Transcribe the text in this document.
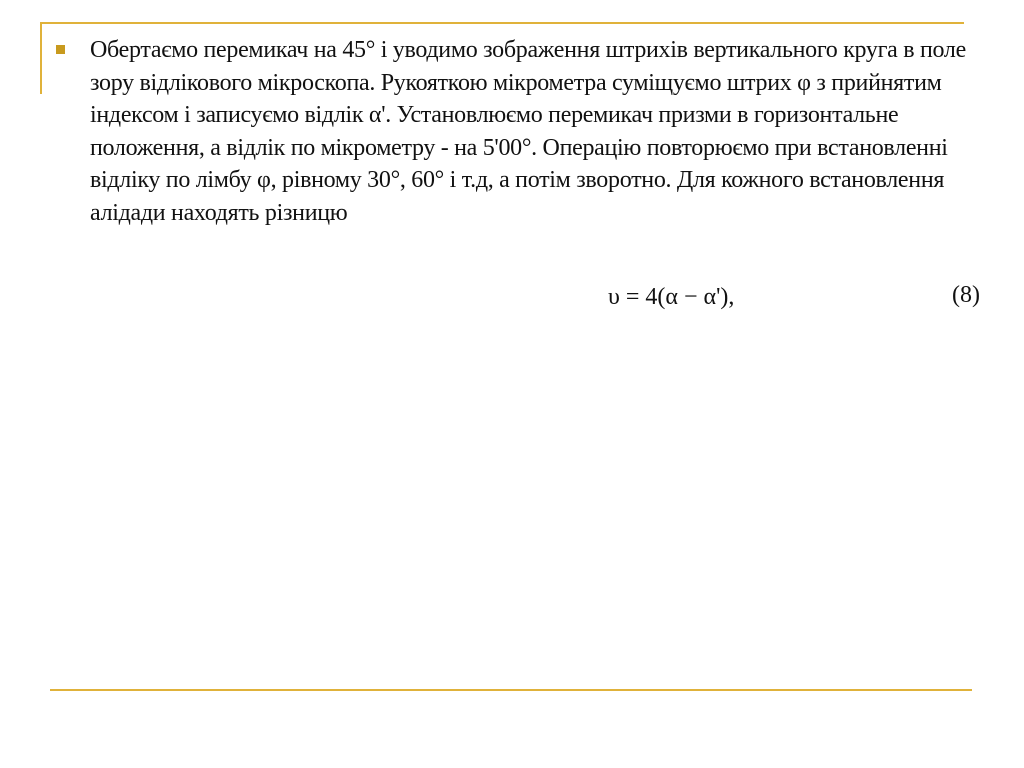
Обертаємо перемикач на 45° і уводимо зображення штрихів вертикального круга в поле зору відлікового мікроскопа. Рукояткою мікрометра суміщуємо штрих φ з прийнятим індексом і записуємо відлік α'. Установлюємо перемикач призми в горизонтальне положення, а відлік по мікрометру - на 5'00°. Операцію повторюємо при встановленні відліку по лімбу φ, рівному 30°, 60° і т.д, а потім зворотно. Для кожного встановлення алідади находять різницю

υ = 4(α − α'),	(8)
